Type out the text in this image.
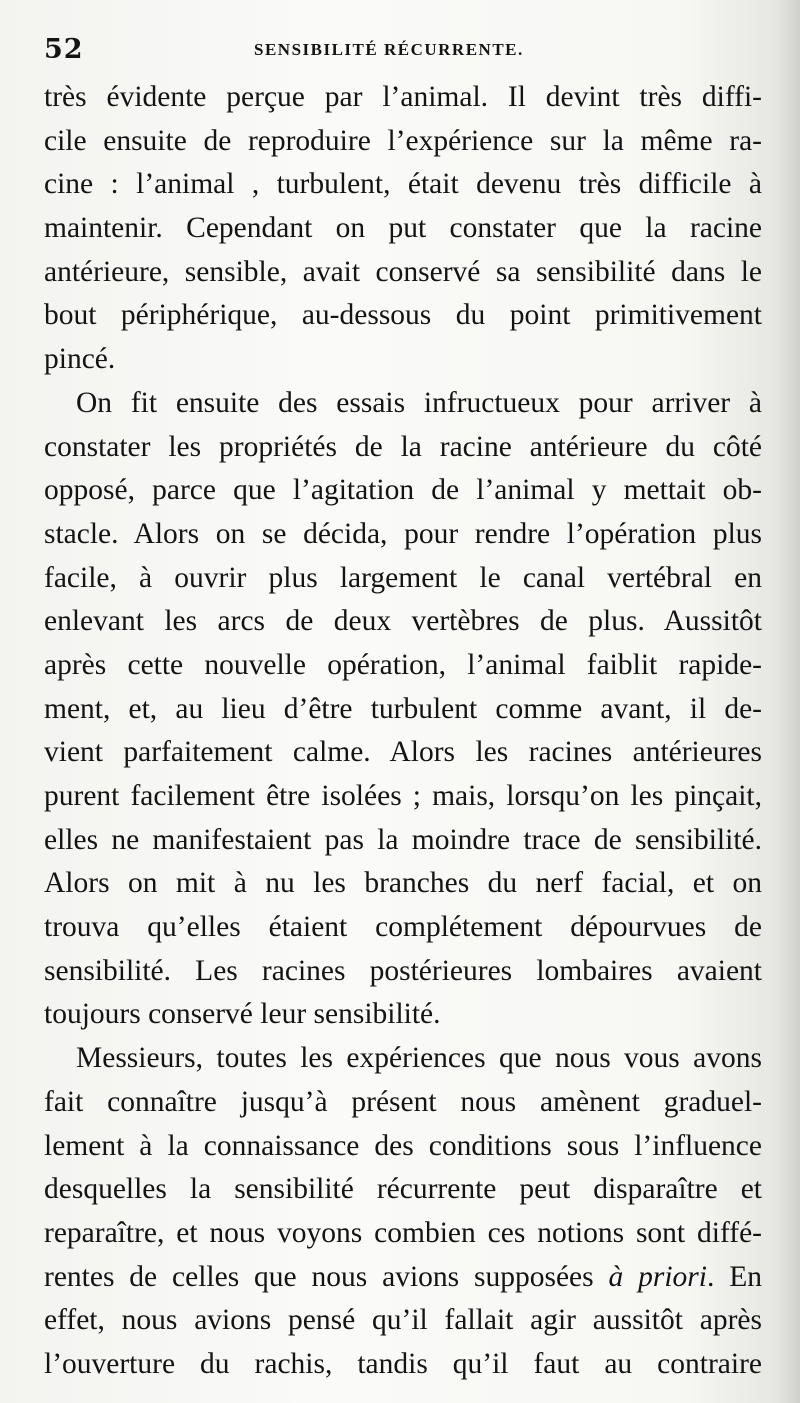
52	SENSIBILITÉ RÉCURRENTE.
très évidente perçue par l’animal. Il devint très diffi-
cile ensuite de reproduire l’expérience sur la même ra-
cine : l’animal , turbulent, était devenu très difficile à
maintenir. Cependant on put constater que la racine
antérieure, sensible, avait conservé sa sensibilité dans le
bout périphérique, au-dessous du point primitivement
pincé.
On fit ensuite des essais infructueux pour arriver à
constater les propriétés de la racine antérieure du côté
opposé, parce que l’agitation de l’animal y mettait ob-
stacle. Alors on se décida, pour rendre l’opération plus
facile, à ouvrir plus largement le canal vertébral en
enlevant les arcs de deux vertèbres de plus. Aussitôt
après cette nouvelle opération, l’animal faiblit rapide-
ment, et, au lieu d’être turbulent comme avant, il de-
vient parfaitement calme. Alors les racines antérieures
purent facilement être isolées ; mais, lorsqu’on les pinçait,
elles ne manifestaient pas la moindre trace de sensibilité.
Alors on mit à nu les branches du nerf facial, et on
trouva qu’elles étaient complétement dépourvues de
sensibilité. Les racines postérieures lombaires avaient
toujours conservé leur sensibilité.
Messieurs, toutes les expériences que nous vous avons
fait connaître jusqu’à présent nous amènent graduel-
lement à la connaissance des conditions sous l’influence
desquelles la sensibilité récurrente peut disparaître et
reparaître, et nous voyons combien ces notions sont diffé-
rentes de celles que nous avions supposées à priori. En
effet, nous avions pensé qu’il fallait agir aussitôt après
l’ouverture du rachis, tandis qu’il faut au contraire
